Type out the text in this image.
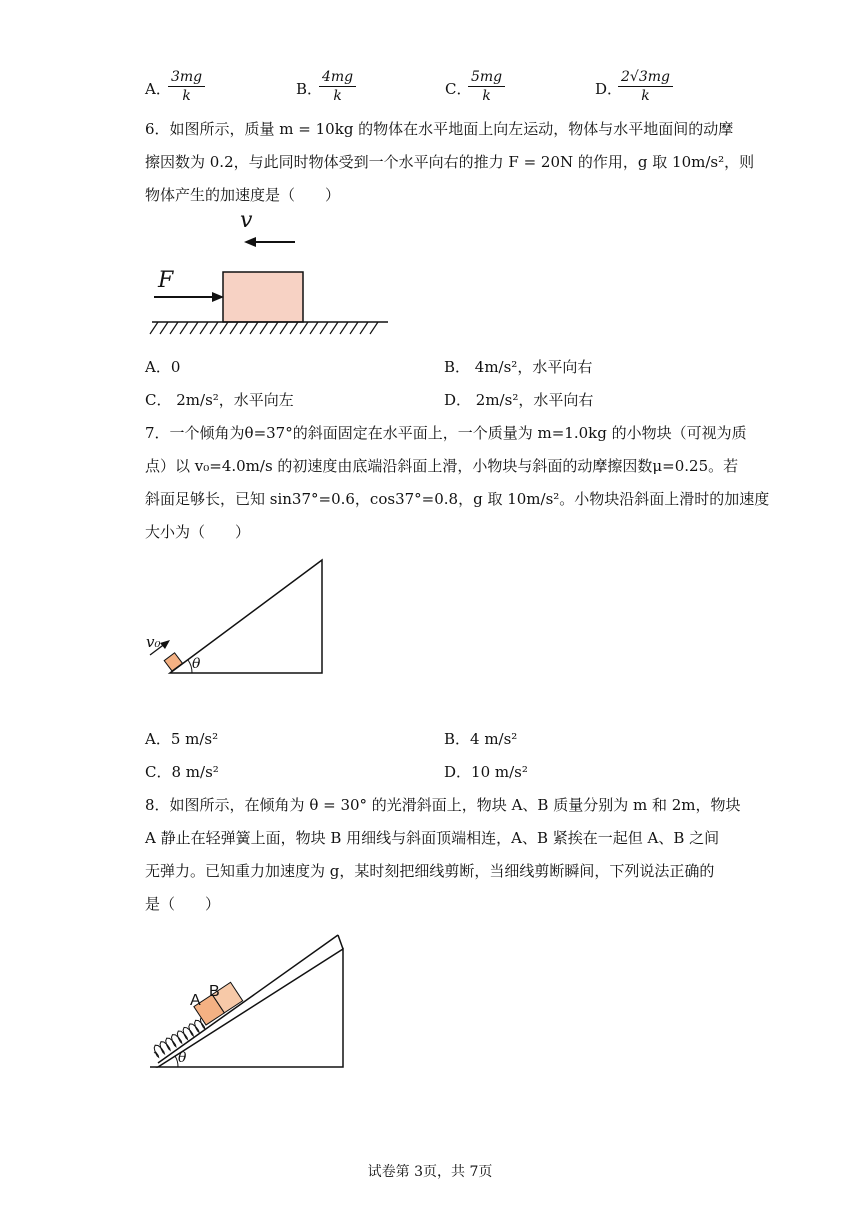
A．
$\frac{3mg}{k}$	B．
$\frac{4mg}{k}$	C．
$\frac{5mg}{k}$	D．
$\frac{2√3mg}{k}$
6．如图所示，质量 m = 10kg 的物体在水平地面上向左运动，物体与水平地面间的动摩
擦因数为 0.2，与此同时物体受到一个水平向右的推力 F = 20N 的作用，g 取 10m/s²，则
物体产生的加速度是（　　）
v
F
A．0	B． 4m/s²，水平向右
C． 2m/s²，水平向左	D． 2m/s²，水平向右
7．一个倾角为θ=37°的斜面固定在水平面上，一个质量为 m=1.0kg 的小物块（可视为质
点）以 v₀=4.0m/s 的初速度由底端沿斜面上滑，小物块与斜面的动摩擦因数μ=0.25。若
斜面足够长，已知 sin37°=0.6，cos37°=0.8，g 取 10m/s²。小物块沿斜面上滑时的加速度
大小为（　　）
v₀
θ
A．5 m/s²	B．4 m/s²
C．8 m/s²	D．10 m/s²
8．如图所示，在倾角为 θ = 30° 的光滑斜面上，物块 A、B 质量分别为 m 和 2m，物块
A 静止在轻弹簧上面，物块 B 用细线与斜面顶端相连，A、B 紧挨在一起但 A、B 之间
无弹力。已知重力加速度为 g，某时刻把细线剪断，当细线剪断瞬间，下列说法正确的
是（　　）
A
B
θ
试卷第 3页，共 7页
